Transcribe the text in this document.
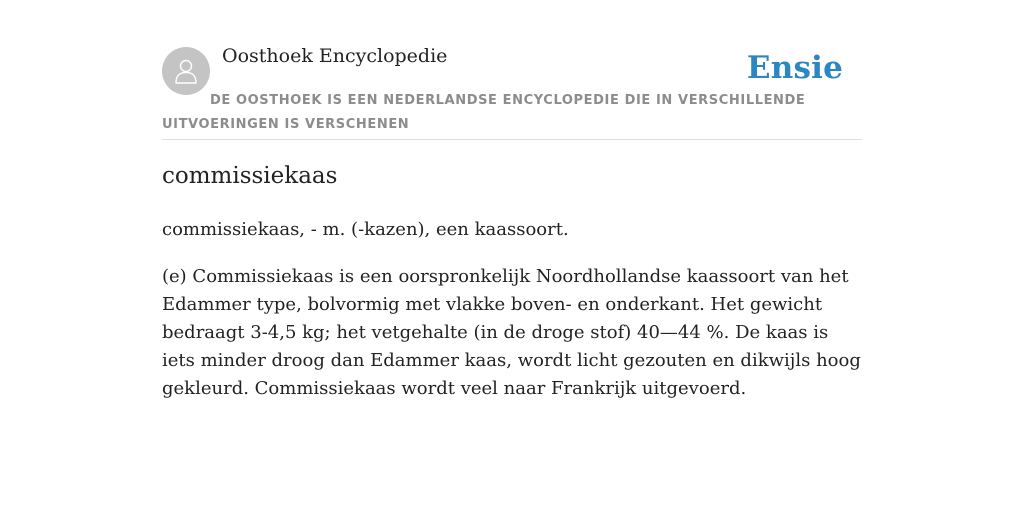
Oosthoek Encyclopedie	Ensie
DE OOSTHOEK IS EEN NEDERLANDSE ENCYCLOPEDIE DIE IN VERSCHILLENDE UITVOERINGEN IS VERSCHENEN
commissiekaas

commissiekaas, - m. (-kazen), een kaassoort.

(e) Commissiekaas is een oorspronkelijk Noordhollandse kaassoort van het Edammer type, bolvormig met vlakke boven- en onderkant. Het gewicht bedraagt 3-4,5 kg; het vetgehalte (in de droge stof) 40—44 %. De kaas is iets minder droog dan Edammer kaas, wordt licht gezouten en dikwijls hoog gekleurd. Commissiekaas wordt veel naar Frankrijk uitgevoerd.
